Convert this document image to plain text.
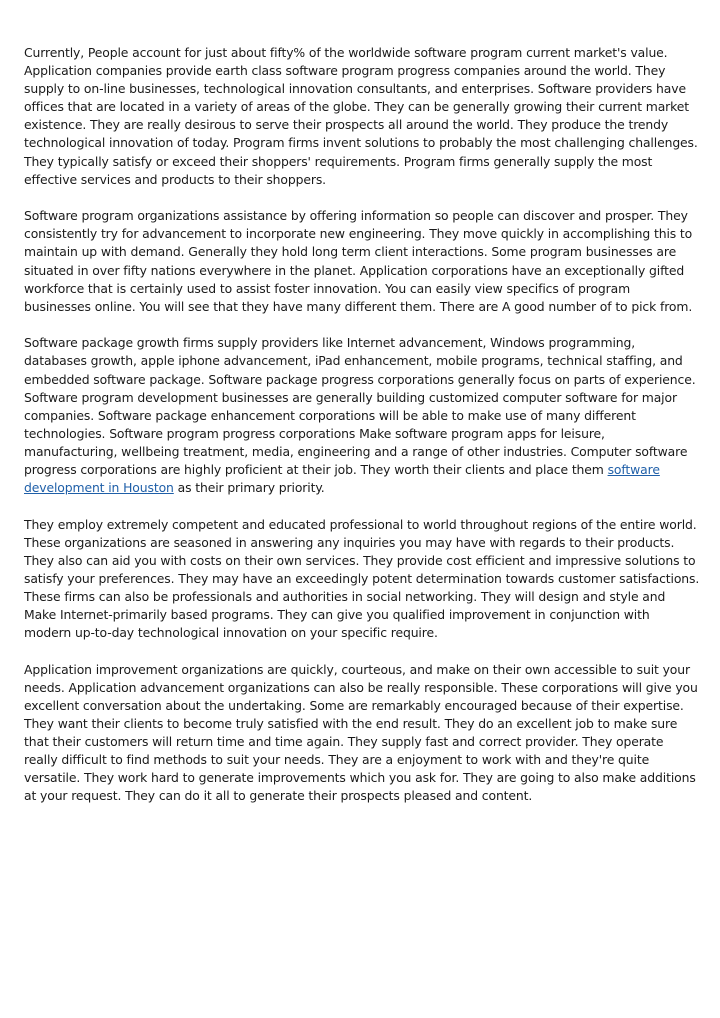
Currently, People account for just about fifty% of the worldwide software program current market's value. Application companies provide earth class software program progress companies around the world. They supply to on-line businesses, technological innovation consultants, and enterprises. Software providers have offices that are located in a variety of areas of the globe. They can be generally growing their current market existence. They are really desirous to serve their prospects all around the world. They produce the trendy technological innovation of today. Program firms invent solutions to probably the most challenging challenges. They typically satisfy or exceed their shoppers' requirements. Program firms generally supply the most effective services and products to their shoppers.

Software program organizations assistance by offering information so people can discover and prosper. They consistently try for advancement to incorporate new engineering. They move quickly in accomplishing this to maintain up with demand. Generally they hold long term client interactions. Some program businesses are situated in over fifty nations everywhere in the planet. Application corporations have an exceptionally gifted workforce that is certainly used to assist foster innovation. You can easily view specifics of program businesses online. You will see that they have many different them. There are A good number of to pick from.

Software package growth firms supply providers like Internet advancement, Windows programming, databases growth, apple iphone advancement, iPad enhancement, mobile programs, technical staffing, and embedded software package. Software package progress corporations generally focus on parts of experience. Software program development businesses are generally building customized computer software for major companies. Software package enhancement corporations will be able to make use of many different technologies. Software program progress corporations Make software program apps for leisure, manufacturing, wellbeing treatment, media, engineering and a range of other industries. Computer software progress corporations are highly proficient at their job. They worth their clients and place them software development in Houston as their primary priority.

They employ extremely competent and educated professional to world throughout regions of the entire world. These organizations are seasoned in answering any inquiries you may have with regards to their products. They also can aid you with costs on their own services. They provide cost efficient and impressive solutions to satisfy your preferences. They may have an exceedingly potent determination towards customer satisfactions. These firms can also be professionals and authorities in social networking. They will design and style and Make Internet-primarily based programs. They can give you qualified improvement in conjunction with modern up-to-day technological innovation on your specific require.

Application improvement organizations are quickly, courteous, and make on their own accessible to suit your needs. Application advancement organizations can also be really responsible. These corporations will give you excellent conversation about the undertaking. Some are remarkably encouraged because of their expertise. They want their clients to become truly satisfied with the end result. They do an excellent job to make sure that their customers will return time and time again. They supply fast and correct provider. They operate really difficult to find methods to suit your needs. They are a enjoyment to work with and they're quite versatile. They work hard to generate improvements which you ask for. They are going to also make additions at your request. They can do it all to generate their prospects pleased and content.
